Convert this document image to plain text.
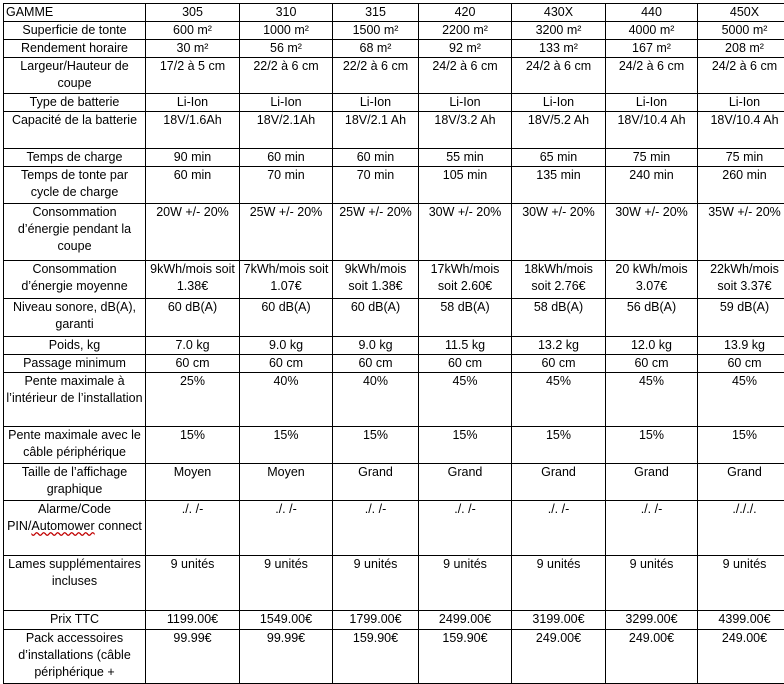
GAMME	305	310	315	420	430X	440	450X
Superficie de tonte	600 m²	1000 m²	1500 m²	2200 m²	3200 m²	4000 m²	5000 m²
Rendement horaire	30 m²	56 m²	68 m²	92 m²	133 m²	167 m²	208 m²
Largeur/Hauteur de coupe	17/2 à 5 cm	22/2 à 6 cm	22/2 à 6 cm	24/2 à 6 cm	24/2 à 6 cm	24/2 à 6 cm	24/2 à 6 cm
Type de batterie	Li-Ion	Li-Ion	Li-Ion	Li-Ion	Li-Ion	Li-Ion	Li-Ion
Capacité de la batterie	18V/1.6Ah	18V/2.1Ah	18V/2.1 Ah	18V/3.2 Ah	18V/5.2 Ah	18V/10.4 Ah	18V/10.4 Ah
Temps de charge	90 min	60 min	60 min	55 min	65 min	75 min	75 min
Temps de tonte par cycle de charge	60 min	70 min	70 min	105 min	135 min	240 min	260 min
Consommation d’énergie pendant la coupe	20W +/- 20%	25W +/- 20%	25W +/- 20%	30W +/- 20%	30W +/- 20%	30W +/- 20%	35W +/- 20%
Consommation d’énergie moyenne	9kWh/mois soit 1.38€	7kWh/mois soit 1.07€	9kWh/mois soit 1.38€	17kWh/mois soit 2.60€	18kWh/mois soit 2.76€	20 kWh/mois 3.07€	22kWh/mois soit 3.37€
Niveau sonore, dB(A), garanti	60 dB(A)	60 dB(A)	60 dB(A)	58 dB(A)	58 dB(A)	56 dB(A)	59 dB(A)
Poids, kg	7.0 kg	9.0 kg	9.0 kg	11.5 kg	13.2 kg	12.0 kg	13.9 kg
Passage minimum	60 cm	60 cm	60 cm	60 cm	60 cm	60 cm	60 cm
Pente maximale à l’intérieur de l’installation	25%	40%	40%	45%	45%	45%	45%
Pente maximale avec le câble périphérique	15%	15%	15%	15%	15%	15%	15%
Taille de l’affichage graphique	Moyen	Moyen	Grand	Grand	Grand	Grand	Grand
Alarme/Code PIN/Automower connect	./. /-	./. /-	./. /-	./. /-	./. /-	./. /-	./././.
Lames supplémentaires incluses	9 unités	9 unités	9 unités	9 unités	9 unités	9 unités	9 unités
Prix TTC	1199.00€	1549.00€	1799.00€	2499.00€	3199.00€	3299.00€	4399.00€
Pack accessoires d’installations (câble périphérique +	99.99€	99.99€	159.90€	159.90€	249.00€	249.00€	249.00€
